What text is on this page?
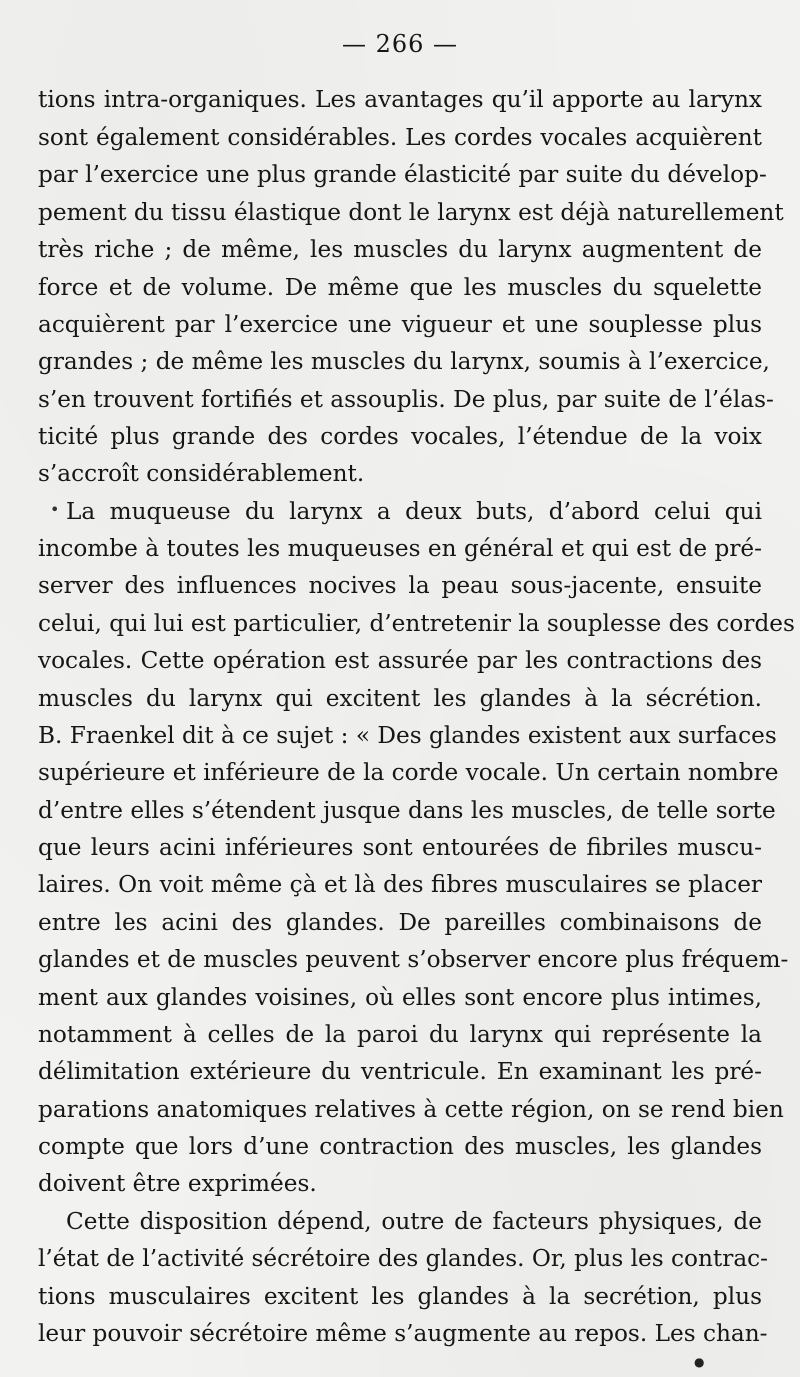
— 266 —
tions intra-organiques. Les avantages qu’il apporte au larynx
sont également considérables. Les cordes vocales acquièrent
par l’exercice une plus grande élasticité par suite du dévelop-
pement du tissu élastique dont le larynx est déjà naturellement
très riche ; de même, les muscles du larynx augmentent de
force et de volume. De même que les muscles du squelette
acquièrent par l’exercice une vigueur et une souplesse plus
grandes ; de même les muscles du larynx, soumis à l’exercice,
s’en trouvent fortifiés et assouplis. De plus, par suite de l’élas-
ticité plus grande des cordes vocales, l’étendue de la voix
s’accroît considérablement.
• La muqueuse du larynx a deux buts, d’abord celui qui
incombe à toutes les muqueuses en général et qui est de pré-
server des influences nocives la peau sous-jacente, ensuite
celui, qui lui est particulier, d’entretenir la souplesse des cordes
vocales. Cette opération est assurée par les contractions des
muscles du larynx qui excitent les glandes à la sécrétion.
B. Fraenkel dit à ce sujet : « Des glandes existent aux surfaces
supérieure et inférieure de la corde vocale. Un certain nombre
d’entre elles s’étendent jusque dans les muscles, de telle sorte
que leurs acini inférieures sont entourées de fibriles muscu-
laires. On voit même çà et là des fibres musculaires se placer
entre les acini des glandes. De pareilles combinaisons de
glandes et de muscles peuvent s’observer encore plus fréquem-
ment aux glandes voisines, où elles sont encore plus intimes,
notamment à celles de la paroi du larynx qui représente la
délimitation extérieure du ventricule. En examinant les pré-
parations anatomiques relatives à cette région, on se rend bien
compte que lors d’une contraction des muscles, les glandes
doivent être exprimées.
Cette disposition dépend, outre de facteurs physiques, de
l’état de l’activité sécrétoire des glandes. Or, plus les contrac-
tions musculaires excitent les glandes à la secrétion, plus
leur pouvoir sécrétoire même s’augmente au repos. Les chan-
●
